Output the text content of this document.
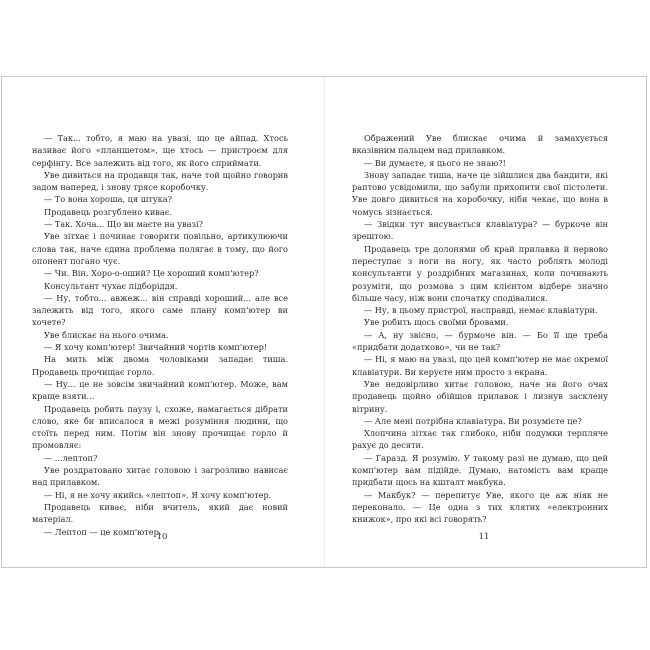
— Так... тобто, я маю на увазі, що це айпад. Хтось називає його «планшетом», ще хтось — пристроєм для серфінгу. Все залежить від того, як його сприймати.

Уве дивиться на продавця так, наче той щойно говорив задом наперед, і знову трясе коробочку.

— То вона хороша, ця штука?

Продавець розгублено киває.

— Так. Хоча... Що ви маєте на увазі?

Уве зітхає і починає говорити повільно, артикулюючи слова так, наче єдина проблема полягає в тому, що його опонент погано чує.

— Чи. Він. Хоро-о-оший? Це хороший комп'ютер?

Консультант чухає підборіддя.

— Ну, тобто... авжеж... він справді хороший... але все залежить від того, якого саме плану комп'ютер ви хочете?

Уве блискає на нього очима.

— Я хочу комп'ютер! Звичайний чортів комп'ютер!

На мить між двома чоловіками западає тиша. Продавець прочищає горло.

— Ну... це не зовсім звичайний комп'ютер. Може, вам краще взяти...

Продавець робить паузу і, схоже, намагається дібрати слово, яке би вписалося в межі розуміння людини, що стоїть перед ним. Потім він знову прочищає горло й промовляє:

— ...лептоп?

Уве роздратовано хитає головою і загрозливо нависає над прилавком.

— Ні, я не хочу якийсь «лептоп». Я хочу комп'ютер.

Продавець киває, ніби вчитель, який дає новий матеріал.

— Лептоп — це комп'ютер.

Ображений Уве блискає очима й замахується вказівним пальцем над прилавком.

— Ви думаєте, я цього не знаю?!

Знову западає тиша, наче це зійшлися два бандити, які раптово усвідомили, що забули прихопити свої пістолети. Уве довго дивиться на коробочку, ніби чекає, що вона в чомусь зізнається.

— Звідки тут висувається клавіатура? — буркоче він зрештою.

Продавець тре долонями об край прилавка й нервово переступає з ноги на ногу, як часто роблять молоді консультанти у роздрібних магазинах, коли починають розуміти, що розмова з цим клієнтом відбере значно більше часу, ніж вони спочатку сподівалися.

— Ну, в цьому пристрої, насправді, немає клавіатури.

Уве робить щось своїми бровами.

— А, ну звісно, — бурмоче він. — Бо її ще треба «придбати додатково», чи не так?

— Ні, я маю на увазі, що цей комп'ютер не має окремої клавіатури. Ви керуєте ним просто з екрана.

Уве недовірливо хитає головою, наче на його очах продавець щойно обійшов прилавок і лизнув засклену вітрину.

— Але мені потрібна клавіатура. Ви розумієте це?

Хлопчина зітхає так глибоко, ніби подумки терпляче рахує до десяти.

— Гаразд. Я розумію. У такому разі не думаю, що цей комп'ютер вам підійде. Думаю, натомість вам краще придбати щось на кшталт макбука.

— Макбук? — перепитує Уве, якого це аж ніяк не переконало. — Це одна з тих клятих «електронних книжок», про які всі говорять?

10	11
